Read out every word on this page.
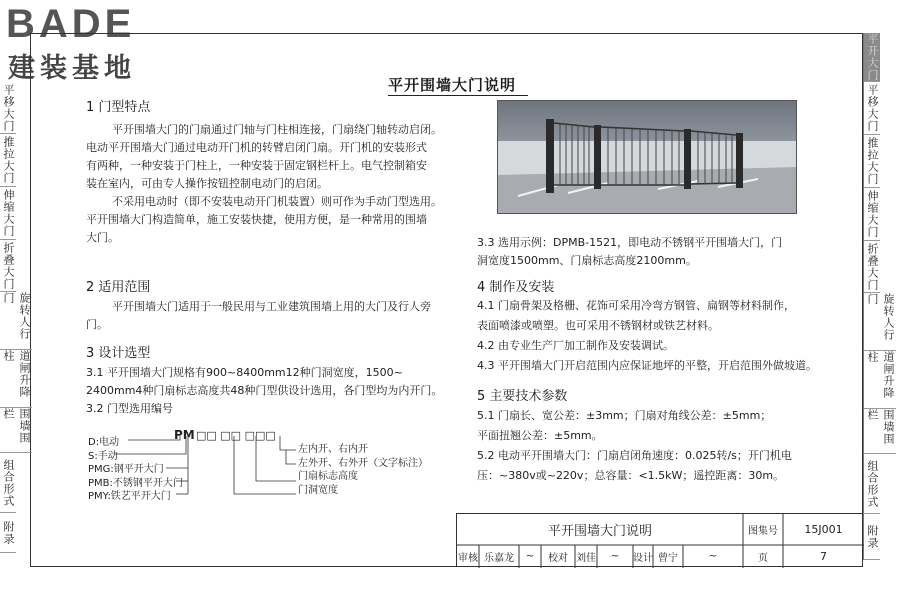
BADE
建装基地
平移大门
推拉大门
伸缩大门
折叠大门
旋转人行门
道闸升降柱
围墙围栏
组合形式
附录
平开大门
平移大门
推拉大门
伸缩大门
折叠大门
旋转人行门
道闸升降柱
围墙围栏
组合形式
附录
平开围墙大门说明
1 门型特点
平开围墙大门的门扇通过门轴与门柱相连接，门扇绕门轴转动启闭。
电动平开围墙大门通过电动开门机的转臂启闭门扇。开门机的安装形式
有两种，一种安装于门柱上，一种安装于固定钢栏杆上。电气控制箱安
装在室内，可由专人操作按钮控制电动门的启闭。
不采用电动时（即不安装电动开门机装置）则可作为手动门型选用。
平开围墙大门构造简单，施工安装快捷，使用方便，是一种常用的围墙
大门。
2 适用范围
平开围墙大门适用于一般民用与工业建筑围墙上用的大门及行人旁
门。
3 设计选型
3.1 平开围墙大门规格有900~8400mm12种门洞宽度，1500~
2400mm4种门扇标志高度共48种门型供设计选用，各门型均为内开门。
3.2 门型选用编号
PM □□ □□ □□□
D:电动
S:手动
PMG:钢平开大门
PMB:不锈钢平开大门
PMY:铁艺平开大门
左内开、右内开
左外开、右外开（文字标注）
门扇标志高度
门洞宽度
3.3 选用示例：DPMB-1521，即电动不锈钢平开围墙大门，门
洞宽度1500mm、门扇标志高度2100mm。
4 制作及安装
4.1 门扇骨架及格栅、花饰可采用冷弯方钢管、扁钢等材料制作，
表面喷漆或喷塑。也可采用不锈钢材或铁艺材料。
4.2 由专业生产厂加工制作及安装调试。
4.3 平开围墙大门开启范围内应保证地坪的平整，开启范围外做坡道。
5 主要技术参数
5.1 门扇长、宽公差：±3mm；门扇对角线公差：±5mm；
平面扭翘公差：±5mm。
5.2 电动平开围墙大门：门扇启闭角速度：0.025转/s；开门机电
压：~380v或~220v；总容量：<1.5kW；遥控距离：30m。
平开围墙大门说明	图集号	15J001
审核 乐嘉龙	~	校对 刘佳	~	设计 曾宁	~	页	7
